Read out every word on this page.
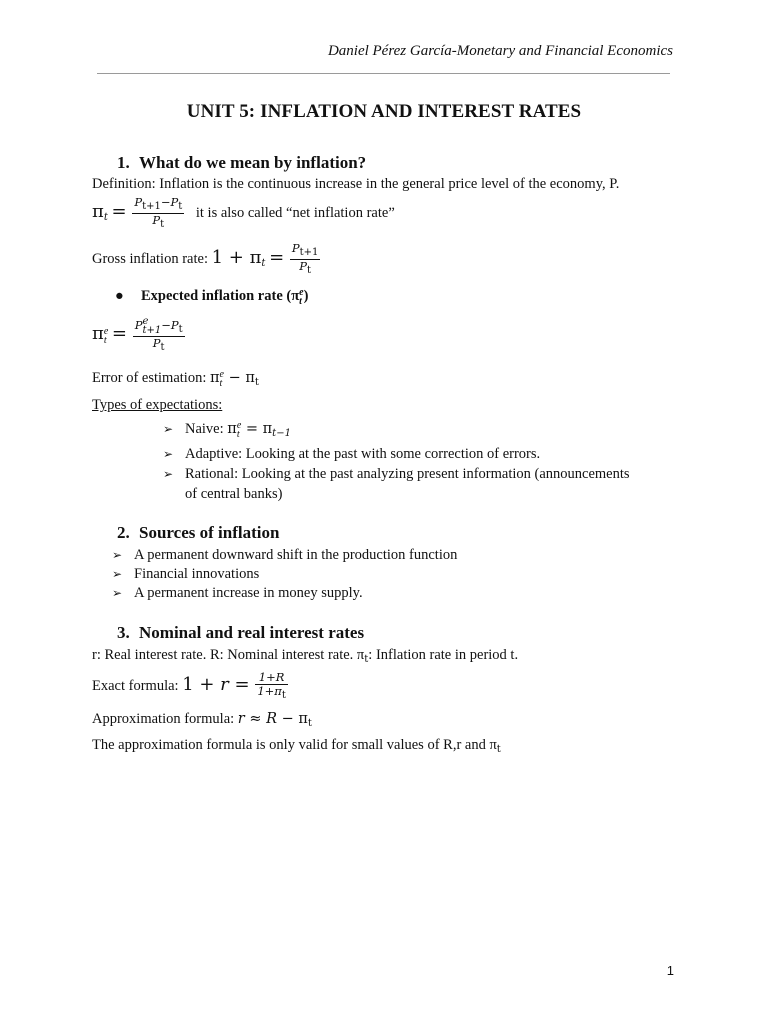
Daniel Pérez García-Monetary and Financial Economics
UNIT 5: INFLATION AND INTEREST RATES
1. What do we mean by inflation?
Definition: Inflation is the continuous increase in the general price level of the economy, P.
$\pi_t = \frac{Pt+1-Pt}{Pt}$ it is also called “net inflation rate”
Gross inflation rate: $1 + \pi_t = \frac{Pt+1}{Pt}$
● Expected inflation rate (π e
t )
π e
t = P e
t+1 −Pt
Pt
Error of estimation: π e
$t - \pi_t$
Types of expectations:
➢ Naive: π e
$t = \pi_{t-1}$
➢ Adaptive: Looking at the past with some correction of errors.
➢ Rational: Looking at the past analyzing present information (announcements
of central banks)
2. Sources of inflation
➢ A permanent downward shift in the production function
➢ Financial innovations
➢ A permanent increase in money supply.
3. Nominal and real interest rates
r: Real interest rate. R: Nominal interest rate. $\pi_t$: Inflation rate in period t.
Exact formula: $1 + r = \frac{1+R}{1+\pi t}$
Approximation formula: $r \approx R - \pi_t$
The approximation formula is only valid for small values of R,r and $\pi_t$
1
